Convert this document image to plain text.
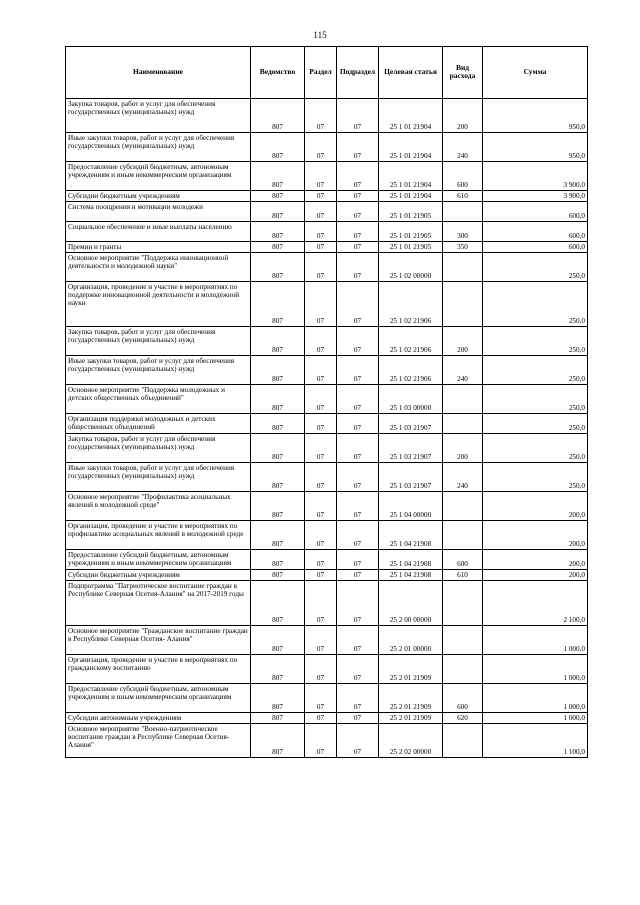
115
Наименование	Ведомство	Раздел	Подраздел	Целевая статья	Вид расхода	Сумма
Закупка товаров, работ и услуг для обеспечения государственных (муниципальных) нужд	807	07	07	25 1 01 21904	200	950,0
Иные закупки товаров, работ и услуг для обеспечения государственных (муниципальных) нужд	807	07	07	25 1 01 21904	240	950,0
Предоставление субсидий бюджетным, автономным учреждениям и иным некоммерческим организациям	807	07	07	25 1 01 21904	600	3 900,0
Субсидии бюджетным учреждениям	807	07	07	25 1 01 21904	610	3 900,0
Система поощрения и мотивации молодежи	807	07	07	25 1 01 21905		600,0
Социальное обеспечение и иные выплаты населению	807	07	07	25 1 01 21905	300	600,0
Премии и гранты	807	07	07	25 1 01 21905	350	600,0
Основное мероприятие "Поддержка инновационной деятельности и молодежной науки"	807	07	07	25 1 02 00000		250,0
Организация, проведение и участие в мероприятиях по поддержке инновационной деятельности и молодежной науки	807	07	07	25 1 02 21906		250,0
Закупка товаров, работ и услуг для обеспечения государственных (муниципальных) нужд	807	07	07	25 1 02 21906	200	250,0
Иные закупки товаров, работ и услуг для обеспечения государственных (муниципальных) нужд	807	07	07	25 1 02 21906	240	250,0
Основное мероприятие "Поддержка молодежных и детских общественных объединений"	807	07	07	25 1 03 00000		250,0
Организация поддержки молодежных и детских общественных объединений	807	07	07	25 1 03 21907		250,0
Закупка товаров, работ и услуг для обеспечения государственных (муниципальных) нужд	807	07	07	25 1 03 21907	200	250,0
Иные закупки товаров, работ и услуг для обеспечения государственных (муниципальных) нужд	807	07	07	25 1 03 21907	240	250,0
Основное мероприятие "Профилактика асоциальных явлений в молодежной среде"	807	07	07	25 1 04 00000		200,0
Организация, проведение и участие в мероприятиях по профилактике асоциальных явлений в молодежной среде	807	07	07	25 1 04 21908		200,0
Предоставление субсидий бюджетным, автономным учреждениям и иным некоммерческим организациям	807	07	07	25 1 04 21908	600	200,0
Субсидии бюджетным учреждениям	807	07	07	25 1 04 21908	610	200,0
Подпрограмма "Патриотическое воспитание граждан в Республике Северная Осетия-Алания" на 2017-2019 годы	807	07	07	25 2 00 00000		2 100,0
Основное мероприятие "Гражданское воспитание граждан в Республике Северная Осетия- Алания"	807	07	07	25 2 01 00000		1 000,0
Организация, проведение и участие в мероприятиях по гражданскому воспитанию	807	07	07	25 2 01 21909		1 000,0
Предоставление субсидий бюджетным, автономным учреждениям и иным некоммерческим организациям	807	07	07	25 2 01 21909	600	1 000,0
Субсидии автономным учреждениям	807	07	07	25 2 01 21909	620	1 000,0
Основное мероприятие "Военно-патриотическое воспитание граждан в Республике Северная Осетия- Алания"	807	07	07	25 2 02 00000		1 100,0
